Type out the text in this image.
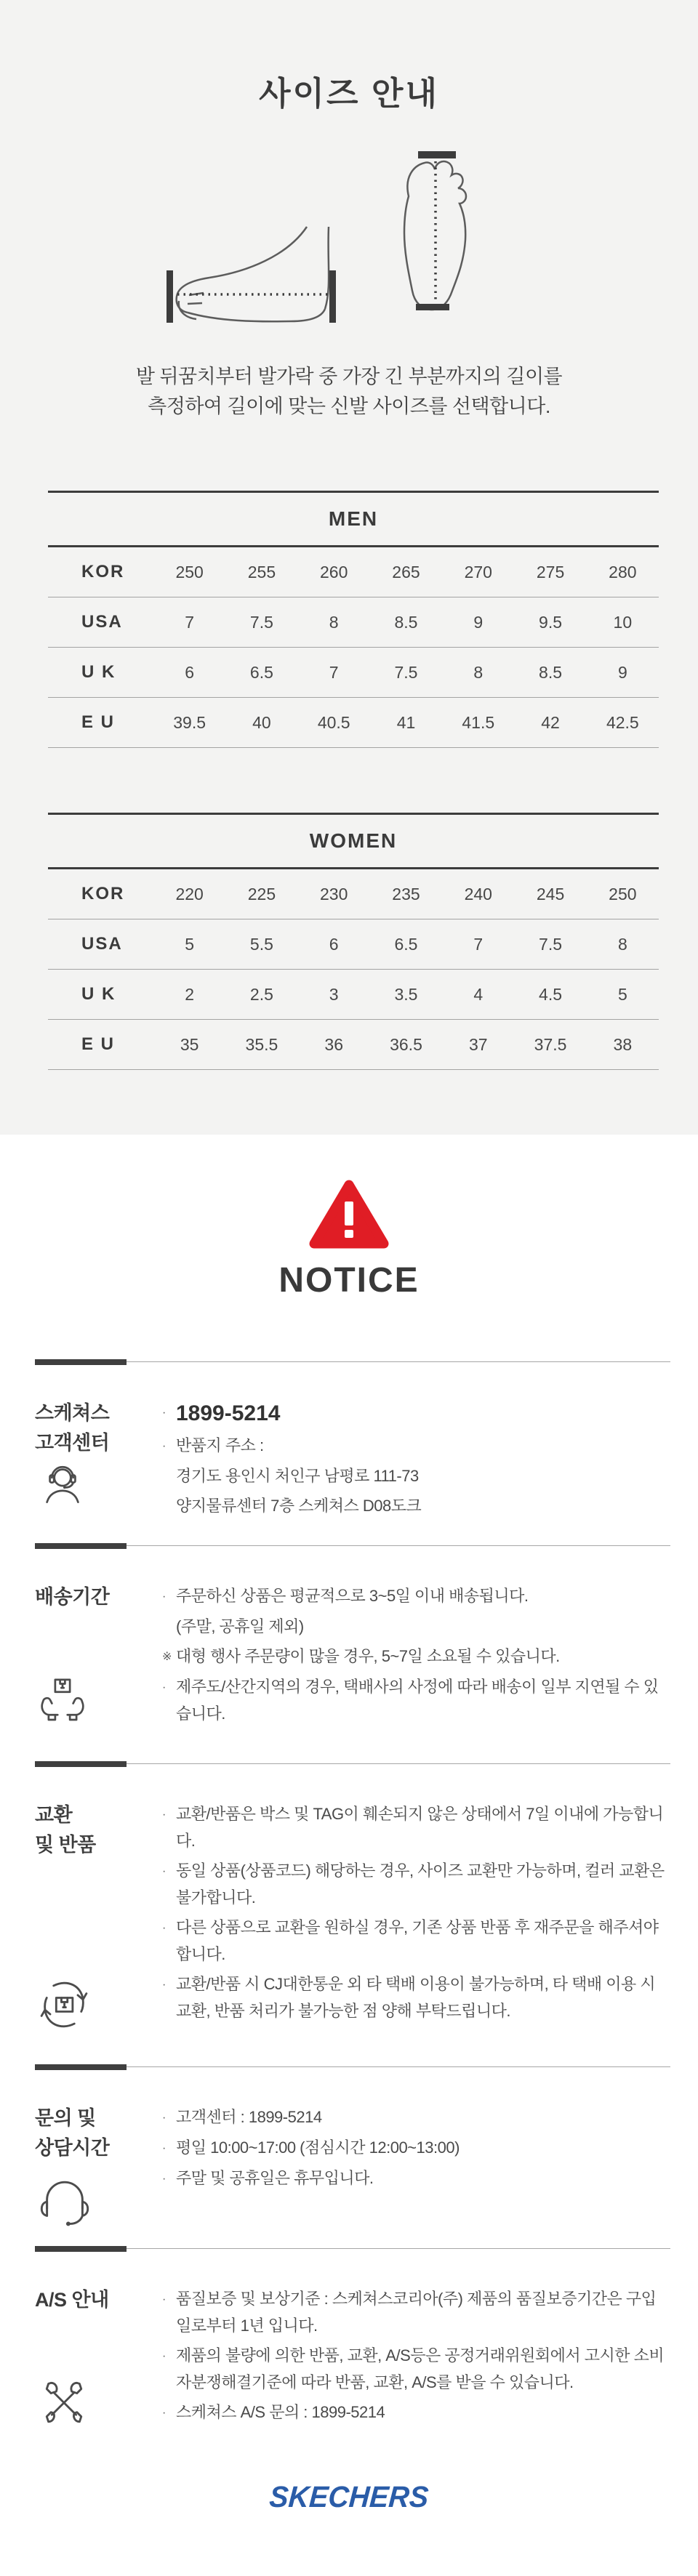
사이즈 안내
발 뒤꿈치부터 발가락 중 가장 긴 부분까지의 길이를
측정하여 길이에 맞는 신발 사이즈를 선택합니다.
MEN							
KOR	250	255	260	265	270	275	280
USA	7	7.5	8	8.5	9	9.5	10
U K	6	6.5	7	7.5	8	8.5	9
E U	39.5	40	40.5	41	41.5	42	42.5
WOMEN							
KOR	220	225	230	235	240	245	250
USA	5	5.5	6	6.5	7	7.5	8
U K	2	2.5	3	3.5	4	4.5	5
E U	35	35.5	36	36.5	37	37.5	38
NOTICE
스케쳐스
고객센터
· 1899-5214
· 반품지 주소 :
경기도 용인시 처인구 남평로 111-73
양지물류센터 7층 스케쳐스 D08도크
배송기간	· 주문하신 상품은 평균적으로 3~5일 이내 배송됩니다.
(주말, 공휴일 제외)
※ 대형 행사 주문량이 많을 경우, 5~7일 소요될 수 있습니다.
· 제주도/산간지역의 경우, 택배사의 사정에 따라 배송이 일부 지연될 수 있습니다.
교환
및 반품
· 교환/반품은 박스 및 TAG이 훼손되지 않은 상태에서 7일 이내에 가능합니다.
· 동일 상품(상품코드) 해당하는 경우, 사이즈 교환만 가능하며, 컬러 교환은 불가합니다.
· 다른 상품으로 교환을 원하실 경우, 기존 상품 반품 후 재주문을 해주셔야 합니다.
· 교환/반품 시 CJ대한통운 외 타 택배 이용이 불가능하며, 타 택배 이용 시 교환, 반품 처리가 불가능한 점 양해 부탁드립니다.
문의 및
상담시간
· 고객센터 : 1899-5214
· 평일 10:00~17:00 (점심시간 12:00~13:00)
· 주말 및 공휴일은 휴무입니다.
A/S 안내	· 품질보증 및 보상기준 : 스케쳐스코리아(주) 제품의 품질보증기간은 구입일로부터 1년 입니다.
· 제품의 불량에 의한 반품, 교환, A/S등은 공정거래위원회에서 고시한 소비자분쟁해결기준에 따라 반품, 교환, A/S를 받을 수 있습니다.
· 스케쳐스 A/S 문의 : 1899-5214
SKECHERS
